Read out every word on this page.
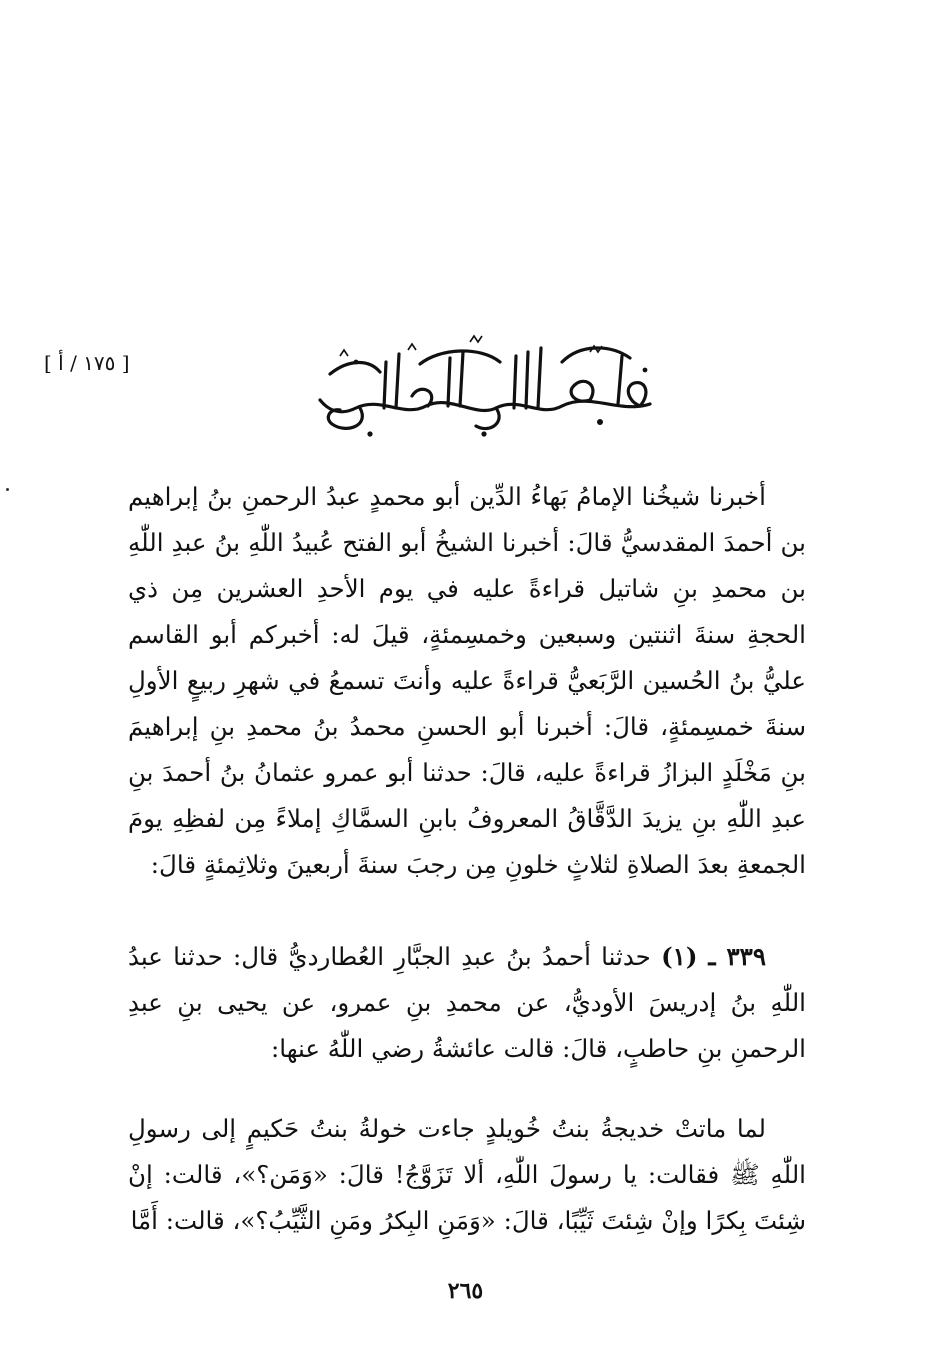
[ ١٧٥ / أ ]

أخبرنا شيخُنا الإمامُ بَهاءُ الدِّين أبو محمدٍ عبدُ الرحمنِ بنُ إبراهيم بن أحمدَ المقدسيُّ قالَ: أخبرنا الشيخُ أبو الفتح عُبيدُ اللّٰهِ بنُ عبدِ اللّٰهِ بن محمدِ بنِ شاتيل قراءةً عليه في يوم الأحدِ العشرين مِن ذي الحجةِ سنةَ اثنتين وسبعين وخمسِمئةٍ، قيلَ له: أخبركم أبو القاسم عليُّ بنُ الحُسين الرَّبَعيُّ قراءةً عليه وأنتَ تسمعُ في شهرِ ربيعٍ الأولِ سنةَ خمسِمئةٍ، قالَ: أخبرنا أبو الحسنِ محمدُ بنُ محمدِ بنِ إبراهيمَ بنِ مَخْلَدٍ البزازُ قراءةً عليه، قالَ: حدثنا أبو عمرو عثمانُ بنُ أحمدَ بنِ عبدِ اللّٰهِ بنِ يزيدَ الدَّقَّاقُ المعروفُ بابنِ السمَّاكِ إملاءً مِن لفظِهِ يومَ الجمعةِ بعدَ الصلاةِ لثلاثٍ خلونِ مِن رجبَ سنةَ أربعينَ وثلاثِمئةٍ قالَ:

٣٣٩ ـ (١) حدثنا أحمدُ بنُ عبدِ الجبَّارِ العُطارديُّ قال: حدثنا عبدُ اللّٰهِ بنُ إدريسَ الأوديُّ، عن محمدِ بنِ عمرو، عن يحيى بنِ عبدِ الرحمنِ بنِ حاطبٍ، قالَ: قالت عائشةُ رضي اللّٰهُ عنها:

لما ماتتْ خديجةُ بنتُ خُويلدٍ جاءت خولةُ بنتُ حَكيمٍ إلى رسولِ اللّٰهِ ﷺ فقالت: يا رسولَ اللّٰهِ، ألا تَزَوَّجُ! قالَ: «وَمَن؟»، قالت: إنْ شِئتَ بِكرًا وإنْ شِئتَ ثَيِّبًا، قالَ: «وَمَنِ البِكرُ ومَنِ الثَّيِّبُ؟»، قالت: أَمَّا

٢٦٥
